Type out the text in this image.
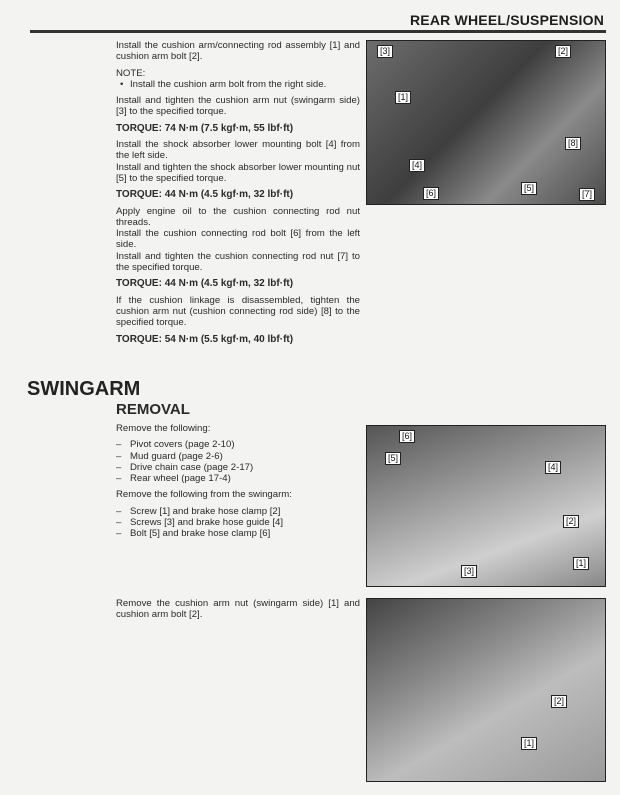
REAR WHEEL/SUSPENSION

Install the cushion arm/connecting rod assembly [1] and cushion arm bolt [2].

NOTE:

• Install the cushion arm bolt from the right side.

Install and tighten the cushion arm nut (swingarm side) [3] to the specified torque.

TORQUE: 74 N·m (7.5 kgf·m, 55 lbf·ft)

Install the shock absorber lower mounting bolt [4] from the left side.

Install and tighten the shock absorber lower mounting nut [5] to the specified torque.

TORQUE: 44 N·m (4.5 kgf·m, 32 lbf·ft)

Apply engine oil to the cushion connecting rod nut threads.

Install the cushion connecting rod bolt [6] from the left side.

Install and tighten the cushion connecting rod nut [7] to the specified torque.

TORQUE: 44 N·m (4.5 kgf·m, 32 lbf·ft)

If the cushion linkage is disassembled, tighten the cushion arm nut (cushion connecting rod side) [8] to the specified torque.

TORQUE: 54 N·m (5.5 kgf·m, 40 lbf·ft)

SWINGARM
REMOVAL

Remove the following:

– Pivot covers (page 2-10)
– Mud guard (page 2-6)
– Drive chain case (page 2-17)
– Rear wheel (page 17-4)

Remove the following from the swingarm:

– Screw [1] and brake hose clamp [2]
– Screws [3] and brake hose guide [4]
– Bolt [5] and brake hose clamp [6]

Remove the cushion arm nut (swingarm side) [1] and cushion arm bolt [2].

[3]	[2]
[1]
[8]
[4]
[6]	[5]
[7]
[6]
[5]
[4]
[2]
[1]
[3]
[2]
[1]
